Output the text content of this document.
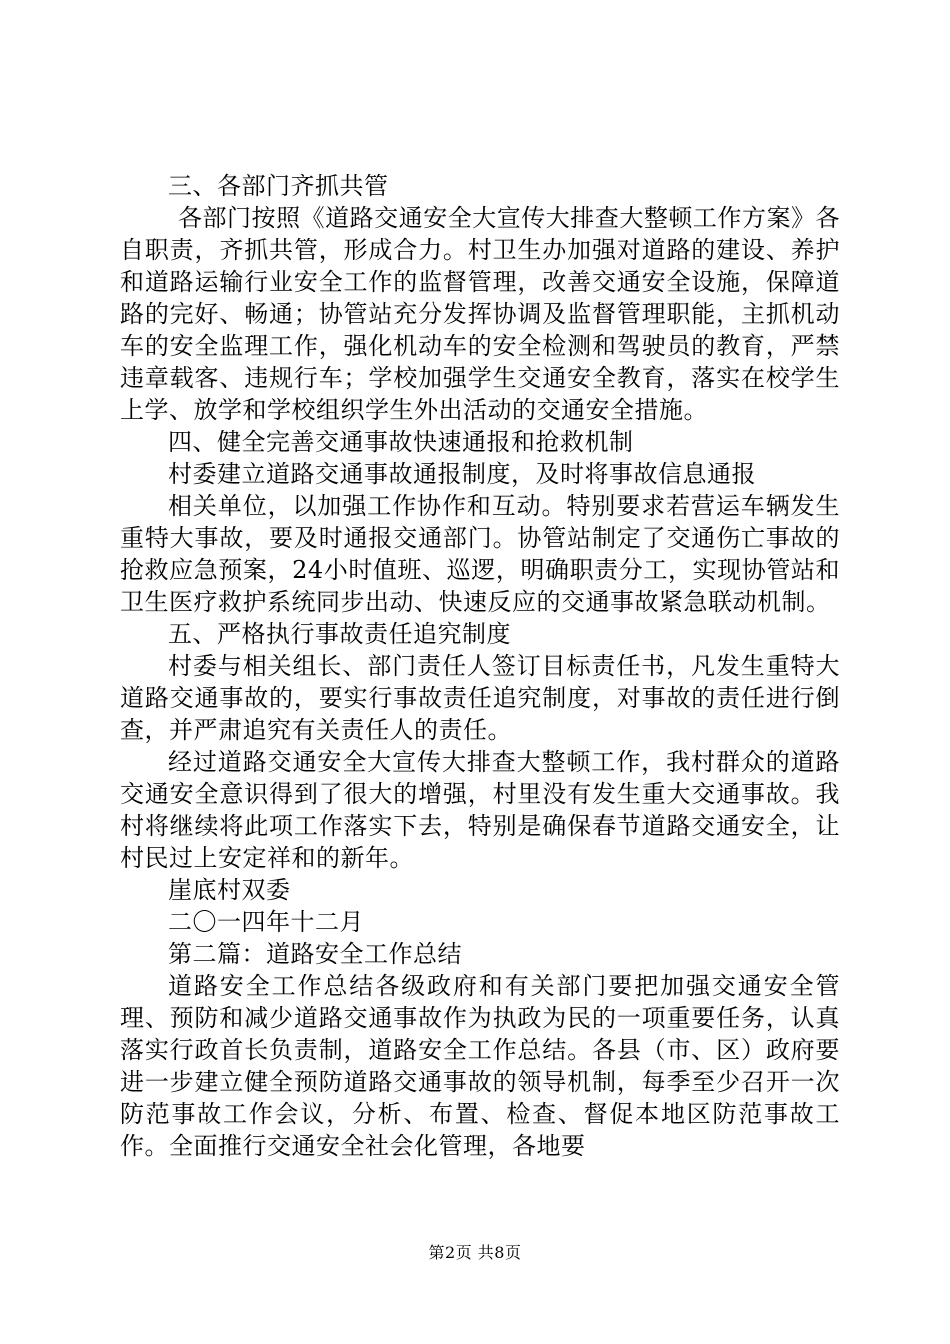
三、各部门齐抓共管

各部门按照《道路交通安全大宣传大排查大整顿工作方案》各自职责，齐抓共管，形成合力。村卫生办加强对道路的建设、养护和道路运输行业安全工作的监督管理，改善交通安全设施，保障道路的完好、畅通；协管站充分发挥协调及监督管理职能，主抓机动车的安全监理工作，强化机动车的安全检测和驾驶员的教育，严禁违章载客、违规行车；学校加强学生交通安全教育，落实在校学生上学、放学和学校组织学生外出活动的交通安全措施。

四、健全完善交通事故快速通报和抢救机制

村委建立道路交通事故通报制度，及时将事故信息通报

相关单位，以加强工作协作和互动。特别要求若营运车辆发生重特大事故，要及时通报交通部门。协管站制定了交通伤亡事故的抢救应急预案，24小时值班、巡逻，明确职责分工，实现协管站和卫生医疗救护系统同步出动、快速反应的交通事故紧急联动机制。

五、严格执行事故责任追究制度

村委与相关组长、部门责任人签订目标责任书，凡发生重特大道路交通事故的，要实行事故责任追究制度，对事故的责任进行倒查，并严肃追究有关责任人的责任。

经过道路交通安全大宣传大排查大整顿工作，我村群众的道路交通安全意识得到了很大的增强，村里没有发生重大交通事故。我村将继续将此项工作落实下去，特别是确保春节道路交通安全，让村民过上安定祥和的新年。

崖底村双委

二〇一四年十二月

第二篇：道路安全工作总结

道路安全工作总结各级政府和有关部门要把加强交通安全管理、预防和减少道路交通事故作为执政为民的一项重要任务，认真落实行政首长负责制，道路安全工作总结。各县（市、区）政府要进一步建立健全预防道路交通事故的领导机制，每季至少召开一次防范事故工作会议，分析、布置、检查、督促本地区防范事故工作。全面推行交通安全社会化管理，各地要

第2页 共8页
